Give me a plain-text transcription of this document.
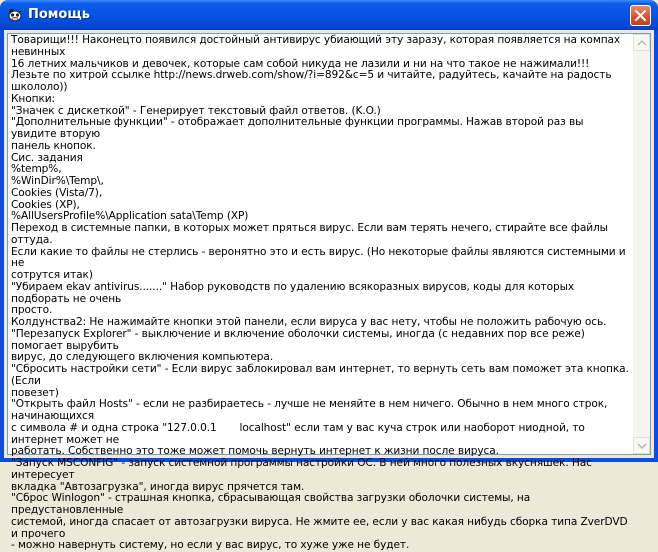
Помощь
Товарищи!!! Наконецто появился достойный антивирус убиающий эту заразу, которая появляется на компах невинных
16 летних мальчиков и девочек, которые сам собой никуда не лазили и ни на что такое не нажимали!!!
Лезьте по хитрой ссылке http://news.drweb.com/show/?i=892&c=5 и читайте, радуйтесь, качайте на радость школоло))
Кнопки:
"Значек с дискеткой" - Генерирует текстовый файл ответов. (K.O.)
"Дополнительные функции" - отображает дополнительные функции программы. Нажав второй раз вы увидите вторую
панель кнопок.
Сис. задания
%temp%,
%WinDir%\Temp\,
Cookies (Vista/7),
Cookies (XP),
%AllUsersProfile%\Application sata\Temp (XP)
Переход в системные папки, в которых может пряться вирус. Если вам терять нечего, стирайте все файлы оттуда.
Если какие то файлы не стерлись - веронятно это и есть вирус. (Но некоторые файлы являются системными и не
сотрутся итак)
"Убираем ekav antivirus......." Набор руководств по удалению всякоразных вирусов, коды для которых подборать не очень
просто.
Колдунства2: Не нажимайте кнопки этой панели, если вируса у вас нету, чтобы не положить рабочую ось.
"Перезапуск Explorer" - выключение и включение оболочки системы, иногда (с недавних пор все реже) помогает вырубить
вирус, до следующего включения компьютера.
"Сбросить настройки сети" - Если вирус заблокировал вам интернет, то вернуть сеть вам поможет эта кнопка. (Если
повезет)
"Открыть файл Hosts" - если не разбираетесь - лучше не меняйте в нем ничего. Обычно в нем много строк, начинающихся
с символа # и одна строка "127.0.0.1       localhost" если там у вас куча строк или наоборот ниодной, то интернет может не
работать. Собственно это тоже может помочь вернуть интернет к жизни после вируса.
"Запуск MSCONFIG" - запуск системной программы настройки ОС. В ней много полезных вкусняшек. Нас интересует
вкладка "Автозагрузка", иногда вирус прячется там.
"Сброс Winlogon" - страшная кнопка, сбрасывающая свойства загрузки оболочки системы, на предустановленные
системой, иногда спасает от автозагрузки вируса. Не жмите ее, если у вас какая нибудь сборка типа ZverDVD и прочего
- можно навернуть систему, но если у вас вирус, то хуже уже не будет.
